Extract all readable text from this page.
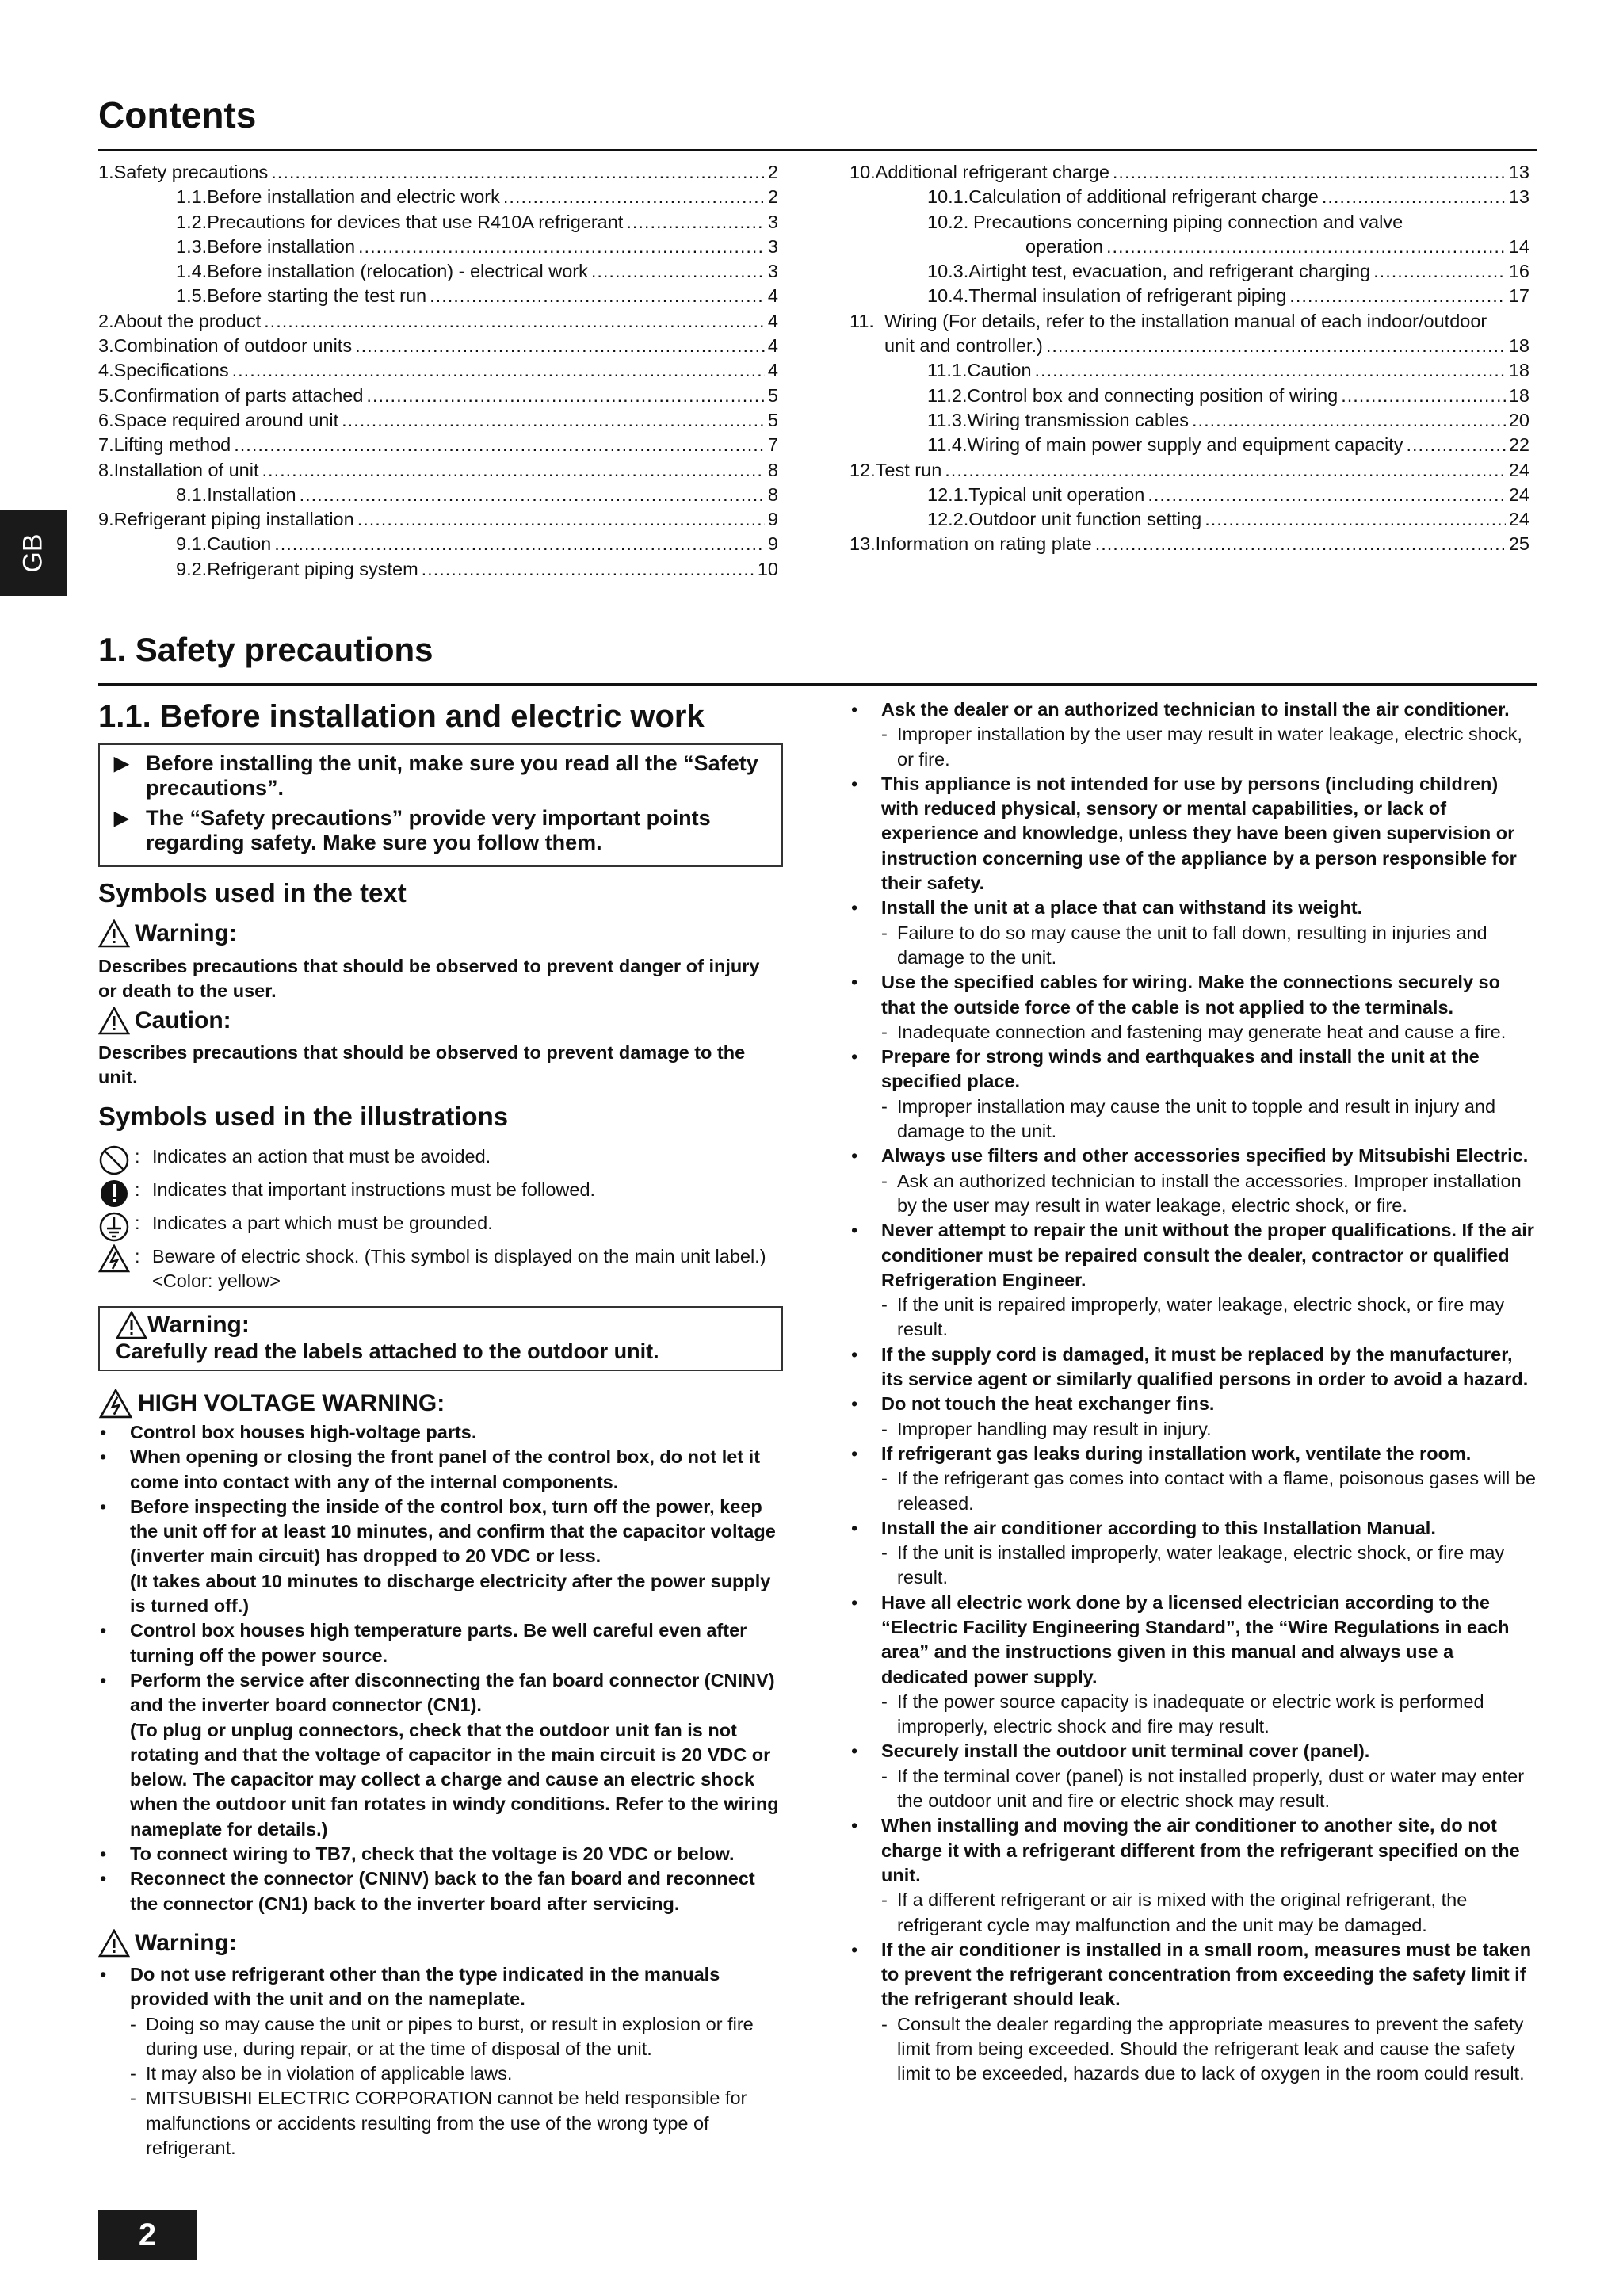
Contents
1. Safety precautions .....	2
1.1. Before installation and electric work .....	2
1.2. Precautions for devices that use R410A refrigerant .....	3
1.3. Before installation .....	3
1.4. Before installation (relocation) - electrical work .....	3
1.5. Before starting the test run .....	4
2. About the product .....	4
3. Combination of outdoor units .....	4
4. Specifications .....	4
5. Confirmation of parts attached .....	5
6. Space required around unit .....	5
7. Lifting method .....	7
8. Installation of unit .....	8
8.1. Installation .....	8
9. Refrigerant piping installation .....	9
9.1. Caution .....	9
9.2. Refrigerant piping system .....	10
10. Additional refrigerant charge .....	13
10.1. Calculation of additional refrigerant charge .....	13
10.2. Precautions concerning piping connection and valve
operation .....	14
10.3. Airtight test, evacuation, and refrigerant charging .....	16
10.4. Thermal insulation of refrigerant piping .....	17
11. Wiring (For details, refer to the installation manual of each indoor/outdoor
unit and controller.) .....	18
11.1. Caution .....	18
11.2. Control box and connecting position of wiring .....	18
11.3. Wiring transmission cables .....	20
11.4. Wiring of main power supply and equipment capacity .....	22
12. Test run .....	24
12.1. Typical unit operation .....	24
12.2. Outdoor unit function setting .....	24
13. Information on rating plate .....	25
GB
1. Safety precautions
1.1. Before installation and electric work
▶ Before installing the unit, make sure you read all the “Safety precautions”.
▶ The “Safety precautions” provide very important points regarding safety. Make sure you follow them.
Symbols used in the text
Warning:
Describes precautions that should be observed to prevent danger of injury or death to the user.
Caution:
Describes precautions that should be observed to prevent damage to the unit.
Symbols used in the illustrations
: Indicates an action that must be avoided.
: Indicates that important instructions must be followed.
: Indicates a part which must be grounded.
: Beware of electric shock. (This symbol is displayed on the main unit label.) <Color: yellow>
Warning:
Carefully read the labels attached to the outdoor unit.
HIGH VOLTAGE WARNING:
•	Control box houses high-voltage parts.
•	When opening or closing the front panel of the control box, do not let it come into contact with any of the internal components.
•	Before inspecting the inside of the control box, turn off the power, keep the unit off for at least 10 minutes, and confirm that the capacitor voltage (inverter main circuit) has dropped to 20 VDC or less.
(It takes about 10 minutes to discharge electricity after the power supply is turned off.)
•	Control box houses high temperature parts. Be well careful even after turning off the power source.
•	Perform the service after disconnecting the fan board connector (CNINV) and the inverter board connector (CN1).
(To plug or unplug connectors, check that the outdoor unit fan is not rotating and that the voltage of capacitor in the main circuit is 20 VDC or below. The capacitor may collect a charge and cause an electric shock when the outdoor unit fan rotates in windy conditions. Refer to the wiring nameplate for details.)
•	To connect wiring to TB7, check that the voltage is 20 VDC or below.
•	Reconnect the connector (CNINV) back to the fan board and reconnect the connector (CN1) back to the inverter board after servicing.
Warning:
•	Do not use refrigerant other than the type indicated in the manuals provided with the unit and on the nameplate.
- Doing so may cause the unit or pipes to burst, or result in explosion or fire during use, during repair, or at the time of disposal of the unit.
- It may also be in violation of applicable laws.
- MITSUBISHI ELECTRIC CORPORATION cannot be held responsible for malfunctions or accidents resulting from the use of the wrong type of refrigerant.
•	Ask the dealer or an authorized technician to install the air conditioner.
- Improper installation by the user may result in water leakage, electric shock, or fire.
•	This appliance is not intended for use by persons (including children) with reduced physical, sensory or mental capabilities, or lack of experience and knowledge, unless they have been given supervision or instruction concerning use of the appliance by a person responsible for their safety.
•	Install the unit at a place that can withstand its weight.
- Failure to do so may cause the unit to fall down, resulting in injuries and damage to the unit.
•	Use the specified cables for wiring. Make the connections securely so that the outside force of the cable is not applied to the terminals.
- Inadequate connection and fastening may generate heat and cause a fire.
•	Prepare for strong winds and earthquakes and install the unit at the specified place.
- Improper installation may cause the unit to topple and result in injury and damage to the unit.
•	Always use filters and other accessories specified by Mitsubishi Electric.
- Ask an authorized technician to install the accessories. Improper installation by the user may result in water leakage, electric shock, or fire.
•	Never attempt to repair the unit without the proper qualifications. If the air conditioner must be repaired consult the dealer, contractor or qualified Refrigeration Engineer.
- If the unit is repaired improperly, water leakage, electric shock, or fire may result.
•	If the supply cord is damaged, it must be replaced by the manufacturer, its service agent or similarly qualified persons in order to avoid a hazard.
•	Do not touch the heat exchanger fins.
- Improper handling may result in injury.
•	If refrigerant gas leaks during installation work, ventilate the room.
- If the refrigerant gas comes into contact with a flame, poisonous gases will be released.
•	Install the air conditioner according to this Installation Manual.
- If the unit is installed improperly, water leakage, electric shock, or fire may result.
•	Have all electric work done by a licensed electrician according to the “Electric Facility Engineering Standard”, the “Wire Regulations in each area” and the instructions given in this manual and always use a dedicated power supply.
- If the power source capacity is inadequate or electric work is performed improperly, electric shock and fire may result.
•	Securely install the outdoor unit terminal cover (panel).
- If the terminal cover (panel) is not installed properly, dust or water may enter the outdoor unit and fire or electric shock may result.
•	When installing and moving the air conditioner to another site, do not charge it with a refrigerant different from the refrigerant specified on the unit.
- If a different refrigerant or air is mixed with the original refrigerant, the refrigerant cycle may malfunction and the unit may be damaged.
•	If the air conditioner is installed in a small room, measures must be taken to prevent the refrigerant concentration from exceeding the safety limit if the refrigerant should leak.
- Consult the dealer regarding the appropriate measures to prevent the safety limit from being exceeded. Should the refrigerant leak and cause the safety limit to be exceeded, hazards due to lack of oxygen in the room could result.
2
